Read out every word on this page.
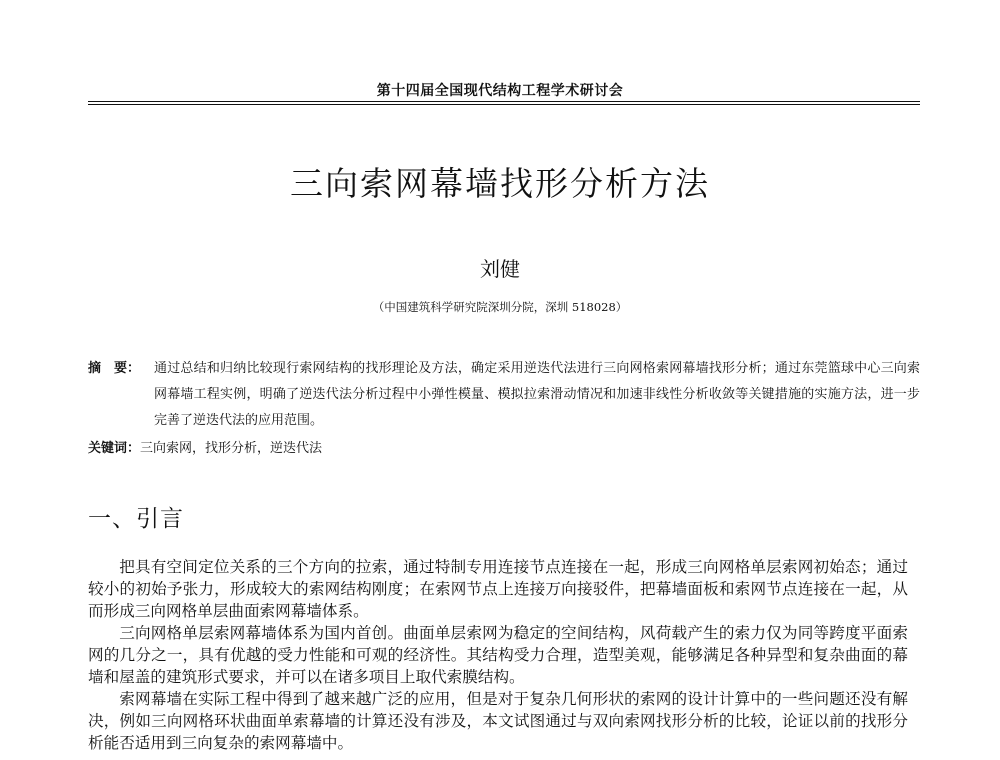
第十四届全国现代结构工程学术研讨会
三向索网幕墙找形分析方法
刘健
（中国建筑科学研究院深圳分院，深圳 518028）
摘　要：	通过总结和归纳比较现行索网结构的找形理论及方法，确定采用逆迭代法进行三向网格索网幕墙找形分析；通过东莞篮球中心三向索网幕墙工程实例，明确了逆迭代法分析过程中小弹性模量、模拟拉索滑动情况和加速非线性分析收敛等关键措施的实施方法，进一步完善了逆迭代法的应用范围。
关键词：三向索网，找形分析，逆迭代法
一、引言

把具有空间定位关系的三个方向的拉索，通过特制专用连接节点连接在一起，形成三向网格单层索网初始态；通过较小的初始予张力，形成较大的索网结构刚度；在索网节点上连接万向接驳件，把幕墙面板和索网节点连接在一起，从而形成三向网格单层曲面索网幕墙体系。

三向网格单层索网幕墙体系为国内首创。曲面单层索网为稳定的空间结构，风荷载产生的索力仅为同等跨度平面索网的几分之一，具有优越的受力性能和可观的经济性。其结构受力合理，造型美观，能够满足各种异型和复杂曲面的幕墙和屋盖的建筑形式要求，并可以在诸多项目上取代索膜结构。

索网幕墙在实际工程中得到了越来越广泛的应用，但是对于复杂几何形状的索网的设计计算中的一些问题还没有解决，例如三向网格环状曲面单索幕墙的计算还没有涉及，本文试图通过与双向索网找形分析的比较，论证以前的找形分析能否适用到三向复杂的索网幕墙中。
